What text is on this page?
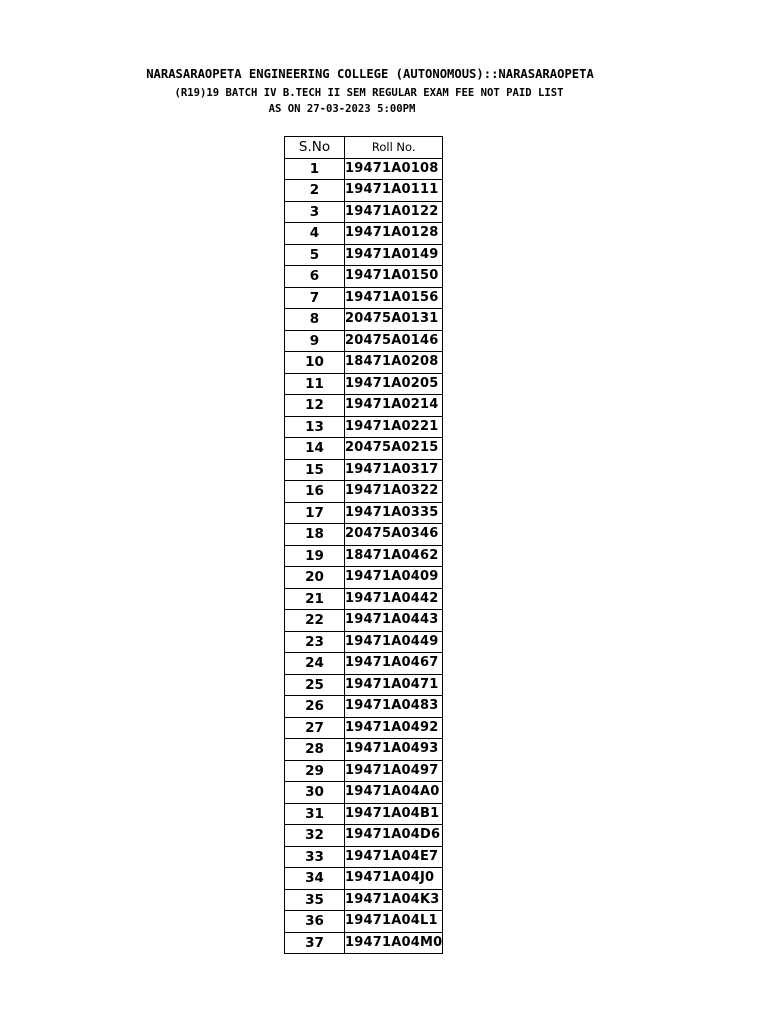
NARASARAOPETA ENGINEERING COLLEGE (AUTONOMOUS)::NARASARAOPETA
(R19)19 BATCH IV B.TECH II SEM REGULAR EXAM FEE NOT PAID LIST
AS ON 27-03-2023 5:00PM
S.No	Roll No.
1	19471A0108
2	19471A0111
3	19471A0122
4	19471A0128
5	19471A0149
6	19471A0150
7	19471A0156
8	20475A0131
9	20475A0146
10	18471A0208
11	19471A0205
12	19471A0214
13	19471A0221
14	20475A0215
15	19471A0317
16	19471A0322
17	19471A0335
18	20475A0346
19	18471A0462
20	19471A0409
21	19471A0442
22	19471A0443
23	19471A0449
24	19471A0467
25	19471A0471
26	19471A0483
27	19471A0492
28	19471A0493
29	19471A0497
30	19471A04A0
31	19471A04B1
32	19471A04D6
33	19471A04E7
34	19471A04J0
35	19471A04K3
36	19471A04L1
37	19471A04M0
